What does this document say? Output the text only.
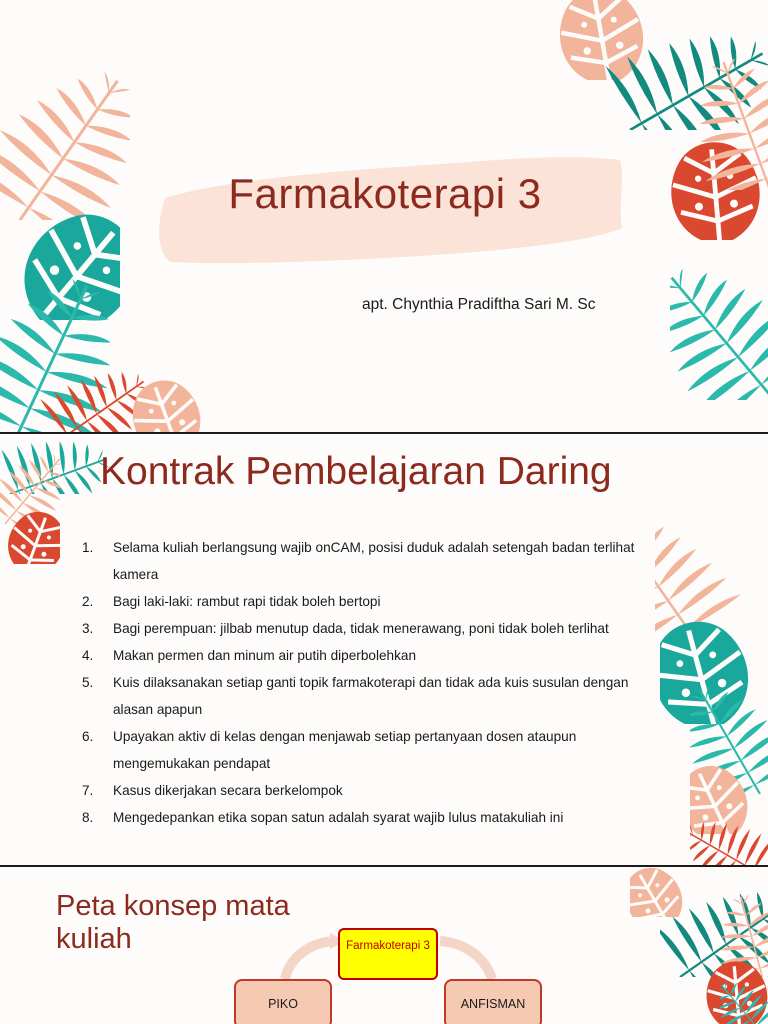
Farmakoterapi 3
apt. Chynthia Pradiftha Sari M. Sc
Kontrak Pembelajaran Daring
1. Selama kuliah berlangsung wajib onCAM, posisi duduk adalah setengah badan terlihat kamera
2. Bagi laki-laki: rambut rapi tidak boleh bertopi
3. Bagi perempuan: jilbab menutup dada, tidak menerawang, poni tidak boleh terlihat
4. Makan permen dan minum air putih diperbolehkan
5. Kuis dilaksanakan setiap ganti topik farmakoterapi dan tidak ada kuis susulan dengan alasan apapun
6. Upayakan aktiv di kelas dengan menjawab setiap pertanyaan dosen ataupun mengemukakan pendapat
7. Kasus dikerjakan secara berkelompok
8. Mengedepankan etika sopan satun adalah syarat wajib lulus matakuliah ini
Peta konsep mata kuliah	Farmakoterapi 3
PIKO	ANFISMAN
